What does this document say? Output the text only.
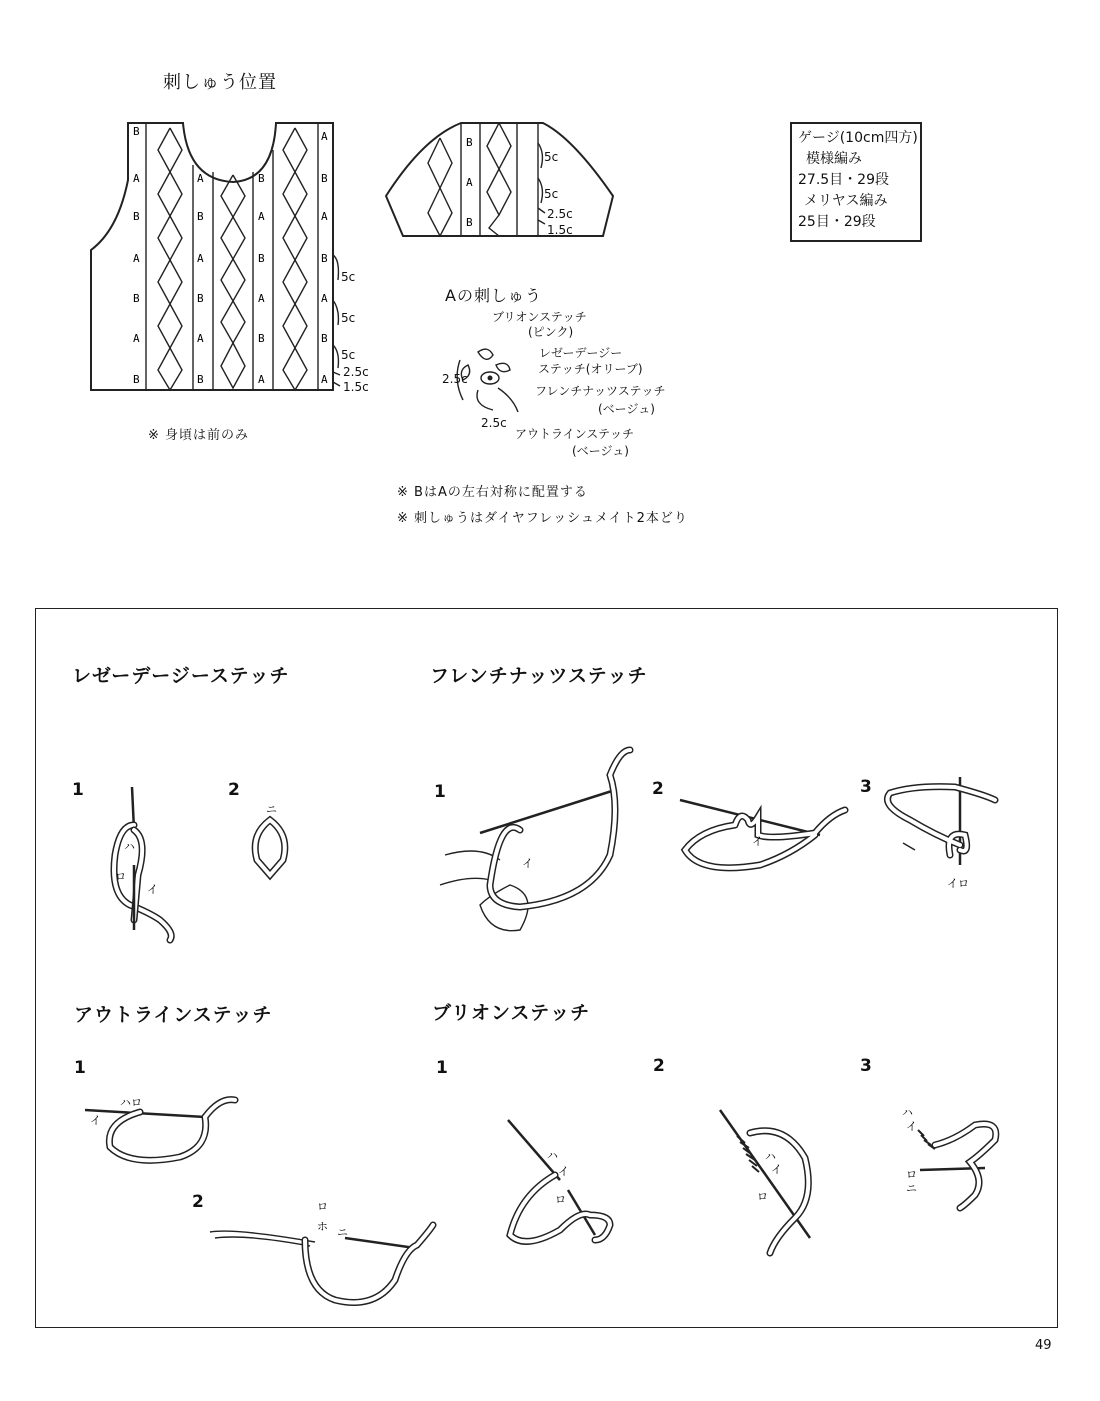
刺しゅう位置
B
A
B
A
B
A
B
A
B
A
B
A
B
B
A
B
A
B
A
A
B
A
B
A
B
A
5c
5c
5c
2.5c
1.5c
※ 身頃は前のみ
B
A
B
5c
5c
2.5c
1.5c
ゲージ(10cm四方)
模様編み
27.5目・29段
メリヤス編み
25目・29段
Aの刺しゅう
ブリオンステッチ
(ピンク)
レゼーデージー
ステッチ(オリーブ)
フレンチナッツステッチ
(ベージュ)
アウトラインステッチ
(ベージュ)
2.5c
2.5c
※ BはAの左右対称に配置する
※ 刺しゅうはダイヤフレッシュメイト2本どり
レゼーデージーステッチ
1	2
ハ
ロ
イ
ニ
フレンチナッツステッチ
1	2	3
イ
イ
イロ
アウトラインステッチ
1
2
ハロ
イ
ロ
ホ ニ
ブリオンステッチ
1	2	3
ハ
イ
ロ
ハ
イ
ロ
ハ
イ
ロ
ニ
49
